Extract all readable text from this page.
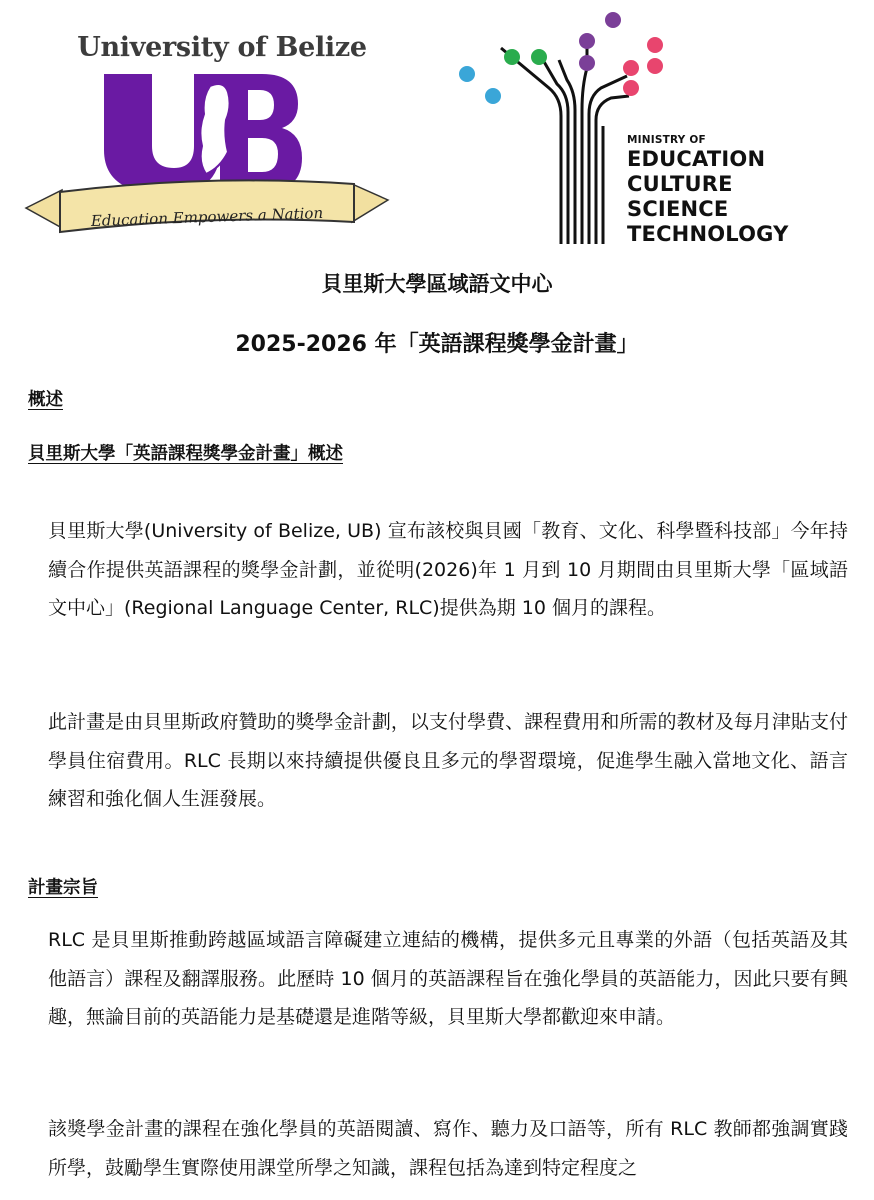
University of Belize
Education Empowers a Nation
MINISTRY OF
EDUCATION
CULTURE
SCIENCE
TECHNOLOGY
貝里斯大學區域語文中心
2025-2026 年「英語課程獎學金計畫」
概述
貝里斯大學「英語課程獎學金計畫」概述
貝里斯大學(University of Belize, UB) 宣布該校與貝國「教育、文化、科學暨科技部」今年持續合作提供英語課程的獎學金計劃，並從明(2026)年 1 月到 10 月期間由貝里斯大學「區域語文中心」(Regional Language Center, RLC)提供為期 10 個月的課程。
此計畫是由貝里斯政府贊助的獎學金計劃，以支付學費、課程費用和所需的教材及每月津貼支付學員住宿費用。RLC 長期以來持續提供優良且多元的學習環境，促進學生融入當地文化、語言練習和強化個人生涯發展。
計畫宗旨
RLC 是貝里斯推動跨越區域語言障礙建立連結的機構，提供多元且專業的外語（包括英語及其他語言）課程及翻譯服務。此歷時 10 個月的英語課程旨在強化學員的英語能力，因此只要有興趣，無論目前的英語能力是基礎還是進階等級，貝里斯大學都歡迎來申請。
該獎學金計畫的課程在強化學員的英語閱讀、寫作、聽力及口語等，所有 RLC 教師都強調實踐所學，鼓勵學生實際使用課堂所學之知識，課程包括為達到特定程度之
